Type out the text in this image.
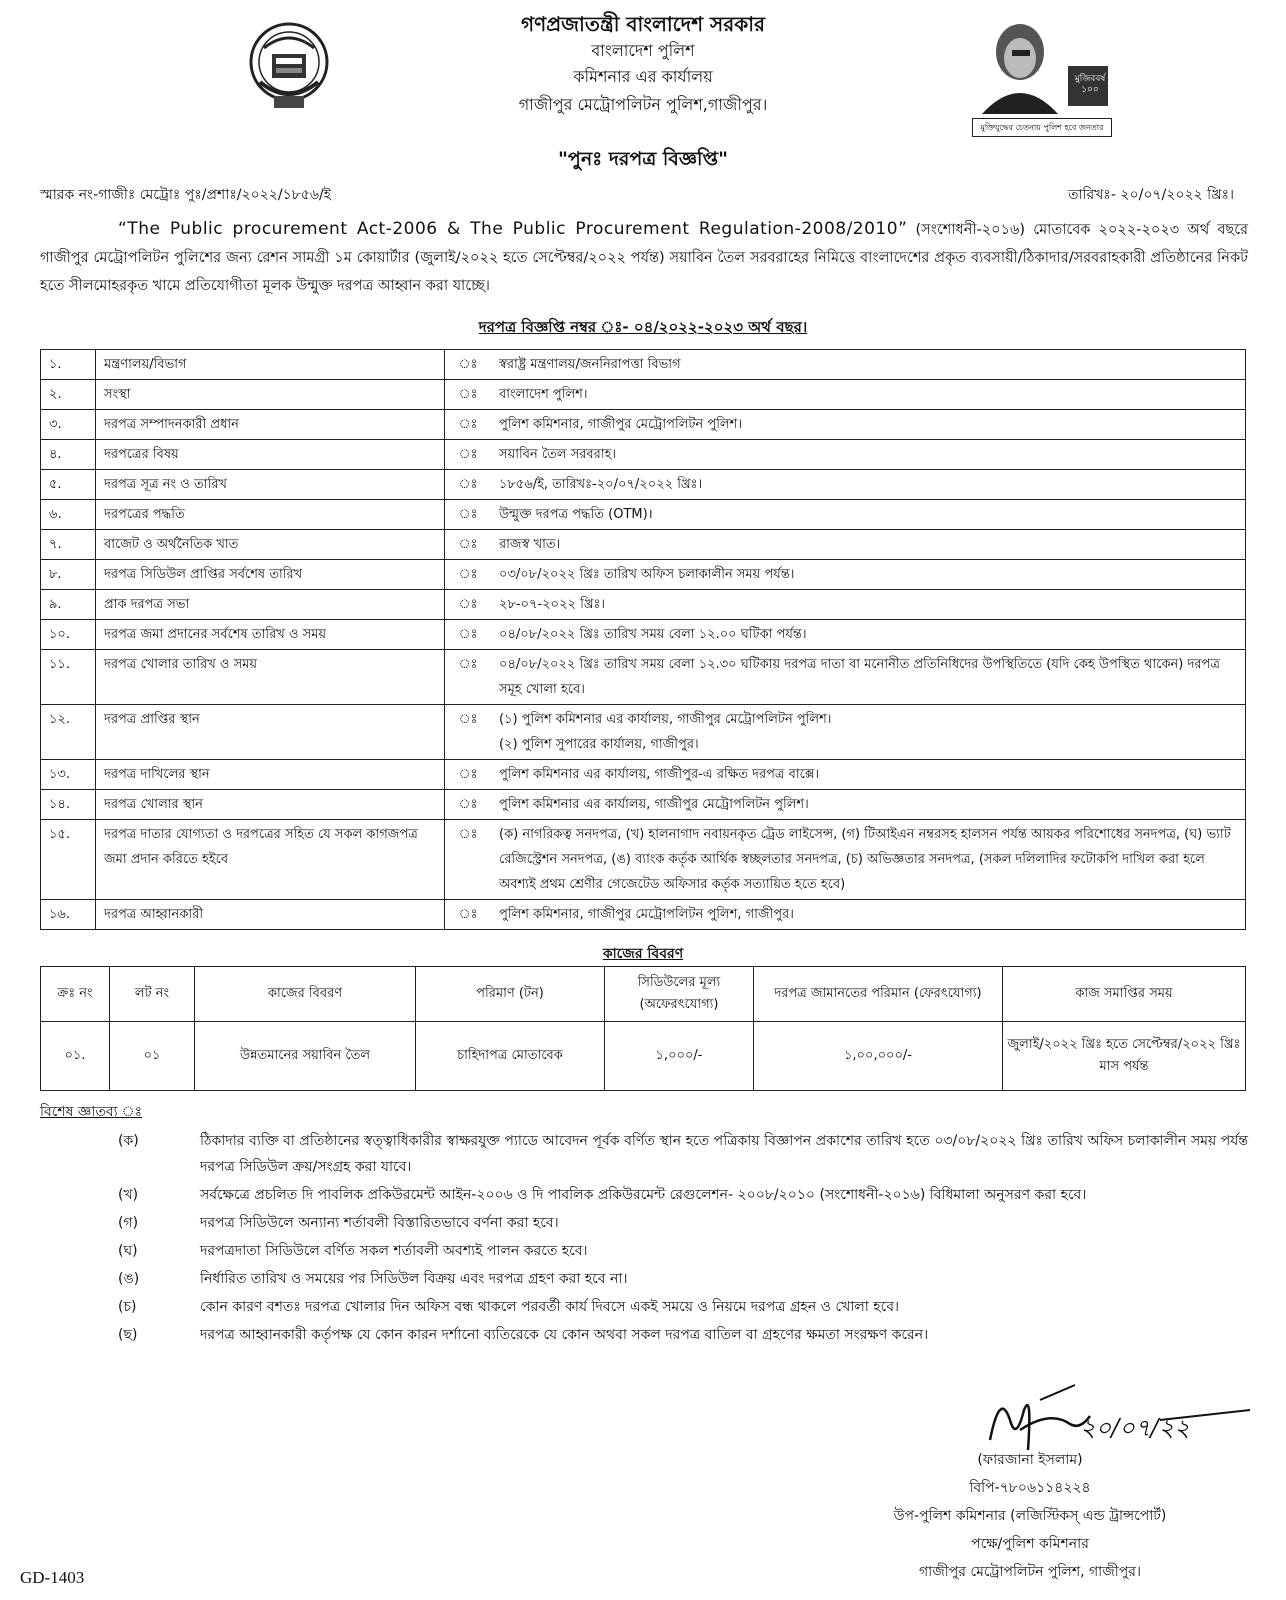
গণপ্রজাতন্ত্রী বাংলাদেশ সরকার
বাংলাদেশ পুলিশ
কমিশনার এর কার্যালয়
গাজীপুর মেট্রোপলিটন পুলিশ,গাজীপুর।
মুজিববর্ষ ১০০
মুক্তিযুদ্ধের চেতনায় পুলিশ হবে জনতার
"পুনঃ দরপত্র বিজ্ঞপ্তি"
স্মারক নং-গাজীঃ মেট্রোঃ পুঃ/প্রশাঃ/২০২২/১৮৫৬/ই	তারিখঃ- ২০/০৭/২০২২ খ্রিঃ।
“The Public procurement Act-2006 & The Public Procurement Regulation-2008/2010” (সংশোধনী-২০১৬) মোতাবেক ২০২২-২০২৩ অর্থ বছরে গাজীপুর মেট্রোপলিটন পুলিশের জন্য রেশন সামগ্রী ১ম কোয়ার্টার (জুলাই/২০২২ হতে সেপ্টেম্বর/২০২২ পর্যন্ত) সয়াবিন তৈল সরবরাহের নিমিত্তে বাংলাদেশের প্রকৃত ব্যবসায়ী/ঠিকাদার/সরবরাহকারী প্রতিষ্ঠানের নিকট হতে সীলমোহরকৃত খামে প্রতিযোগীতা মূলক উন্মুক্ত দরপত্র আহ্বান করা যাচ্ছে।
দরপত্র বিজ্ঞপ্তি নম্বর ঃ- ০৪/২০২২-২০২৩ অর্থ বছর।
১.	মন্ত্রণালয়/বিভাগ	ঃ	স্বরাষ্ট্র মন্ত্রণালয়/জননিরাপত্তা বিভাগ
২.	সংস্থা	ঃ	বাংলাদেশ পুলিশ।
৩.	দরপত্র সম্পাদনকারী প্রধান	ঃ	পুলিশ কমিশনার, গাজীপুর মেট্রোপলিটন পুলিশ।
৪.	দরপত্রের বিষয়	ঃ	সয়াবিন তৈল সরবরাহ।
৫.	দরপত্র সূত্র নং ও তারিখ	ঃ	১৮৫৬/ই, তারিখঃ-২০/০৭/২০২২ খ্রিঃ।
৬.	দরপত্রের পদ্ধতি	ঃ	উন্মুক্ত দরপত্র পদ্ধতি (OTM)।
৭.	বাজেট ও অর্থনৈতিক খাত	ঃ	রাজস্ব খাত।
৮.	দরপত্র সিডিউল প্রাপ্তির সর্বশেষ তারিখ	ঃ	০৩/০৮/২০২২ খ্রিঃ তারিখ অফিস চলাকালীন সময় পর্যন্ত।
৯.	প্রাক দরপত্র সভা	ঃ	২৮-০৭-২০২২ খ্রিঃ।
১০.	দরপত্র জমা প্রদানের সর্বশেষ তারিখ ও সময়	ঃ	০৪/০৮/২০২২ খ্রিঃ তারিখ সময় বেলা ১২.০০ ঘটিকা পর্যন্ত।
১১.	দরপত্র খোলার তারিখ ও সময়	ঃ	০৪/০৮/২০২২ খ্রিঃ তারিখ সময় বেলা ১২.৩০ ঘটিকায় দরপত্র দাতা বা মনোনীত প্রতিনিধিদের উপস্থিতিতে (যদি কেহ উপস্থিত থাকেন) দরপত্র সমূহ খোলা হবে।
১২.	দরপত্র প্রাপ্তির স্থান	ঃ	(১) পুলিশ কমিশনার এর কার্যালয়, গাজীপুর মেট্রোপলিটন পুলিশ।
(২) পুলিশ সুপারের কার্যালয়, গাজীপুর।

১৩.	দরপত্র দাখিলের স্থান	ঃ	পুলিশ কমিশনার এর কার্যালয়, গাজীপুর-এ রক্ষিত দরপত্র বাক্সে।
১৪.	দরপত্র খোলার স্থান	ঃ	পুলিশ কমিশনার এর কার্যালয়, গাজীপুর মেট্রোপলিটন পুলিশ।
১৫.	দরপত্র দাতার যোগ্যতা ও দরপত্রের সহিত যে সকল কাগজপত্র জমা প্রদান করিতে হইবে	ঃ	(ক) নাগরিকত্ব সনদপত্র, (খ) হালনাগাদ নবায়নকৃত ট্রেড লাইসেন্স, (গ) টিআইএন নম্বরসহ হালসন পর্যন্ত আয়কর পরিশোধের সনদপত্র, (ঘ) ভ্যাট রেজিস্ট্রেশন সনদপত্র, (ঙ) ব্যাংক কর্তৃক আর্থিক স্বচ্ছলতার সনদপত্র, (চ) অভিজ্ঞতার সনদপত্র, (সকল দলিলাদির ফটোকপি দাখিল করা হলে অবশ্যই প্রথম শ্রেণীর গেজেটেড অফিসার কর্তৃক সত্যায়িত হতে হবে)
১৬.	দরপত্র আহ্বানকারী	ঃ	পুলিশ কমিশনার, গাজীপুর মেট্রোপলিটন পুলিশ, গাজীপুর।
কাজের বিবরণ
ক্রঃ নং	লট নং	কাজের বিবরণ	পরিমাণ (টন)	সিডিউলের মূল্য (অফেরৎযোগ্য)	দরপত্র জামানতের পরিমান (ফেরৎযোগ্য)	কাজ সমাপ্তির সময়
০১.	০১	উন্নতমানের সয়াবিন তৈল	চাহিদাপত্র মোতাবেক	১,০০০/-	১,০০,০০০/-	জুলাই/২০২২ খ্রিঃ হতে সেপ্টেম্বর/২০২২ খ্রিঃ মাস পর্যন্ত
বিশেষ জ্ঞাতব্য ঃ
(ক)	ঠিকাদার ব্যক্তি বা প্রতিষ্ঠানের স্বত্ত্বাধিকারীর স্বাক্ষরযুক্ত প্যাডে আবেদন পূর্বক বর্ণিত স্থান হতে পত্রিকায় বিজ্ঞাপন প্রকাশের তারিখ হতে ০৩/০৮/২০২২ খ্রিঃ তারিখ অফিস চলাকালীন সময় পর্যন্ত দরপত্র সিডিউল ক্রয়/সংগ্রহ করা যাবে।
(খ)	সর্বক্ষেত্রে প্রচলিত দি পাবলিক প্রকিউরমেন্ট আইন-২০০৬ ও দি পাবলিক প্রকিউরমেন্ট রেগুলেশন- ২০০৮/২০১০ (সংশোধনী-২০১৬) বিধিমালা অনুসরণ করা হবে।
(গ)	দরপত্র সিডিউলে অন্যান্য শর্তাবলী বিস্তারিতভাবে বর্ণনা করা হবে।
(ঘ)	দরপত্রদাতা সিডিউলে বর্ণিত সকল শর্তাবলী অবশ্যই পালন করতে হবে।
(ঙ)	নির্ধারিত তারিখ ও সময়ের পর সিডিউল বিক্রয় এবং দরপত্র গ্রহণ করা হবে না।
(চ)	কোন কারণ বশতঃ দরপত্র খোলার দিন অফিস বন্ধ থাকলে পরবর্তী কার্য দিবসে একই সময়ে ও নিয়মে দরপত্র গ্রহন ও খোলা হবে।
(ছ)	দরপত্র আহ্বানকারী কর্তৃপক্ষ যে কোন কারন দর্শানো ব্যতিরেকে যে কোন অথবা সকল দরপত্র বাতিল বা গ্রহণের ক্ষমতা সংরক্ষণ করেন।
২০/০৭/২২
(ফারজানা ইসলাম)
বিপি-৭৮০৬১১৪২২৪
উপ-পুলিশ কমিশনার (লজিস্টিকস্ এন্ড ট্রান্সপোর্ট)
পক্ষে/পুলিশ কমিশনার
গাজীপুর মেট্রোপলিটন পুলিশ, গাজীপুর।
GD-1403
